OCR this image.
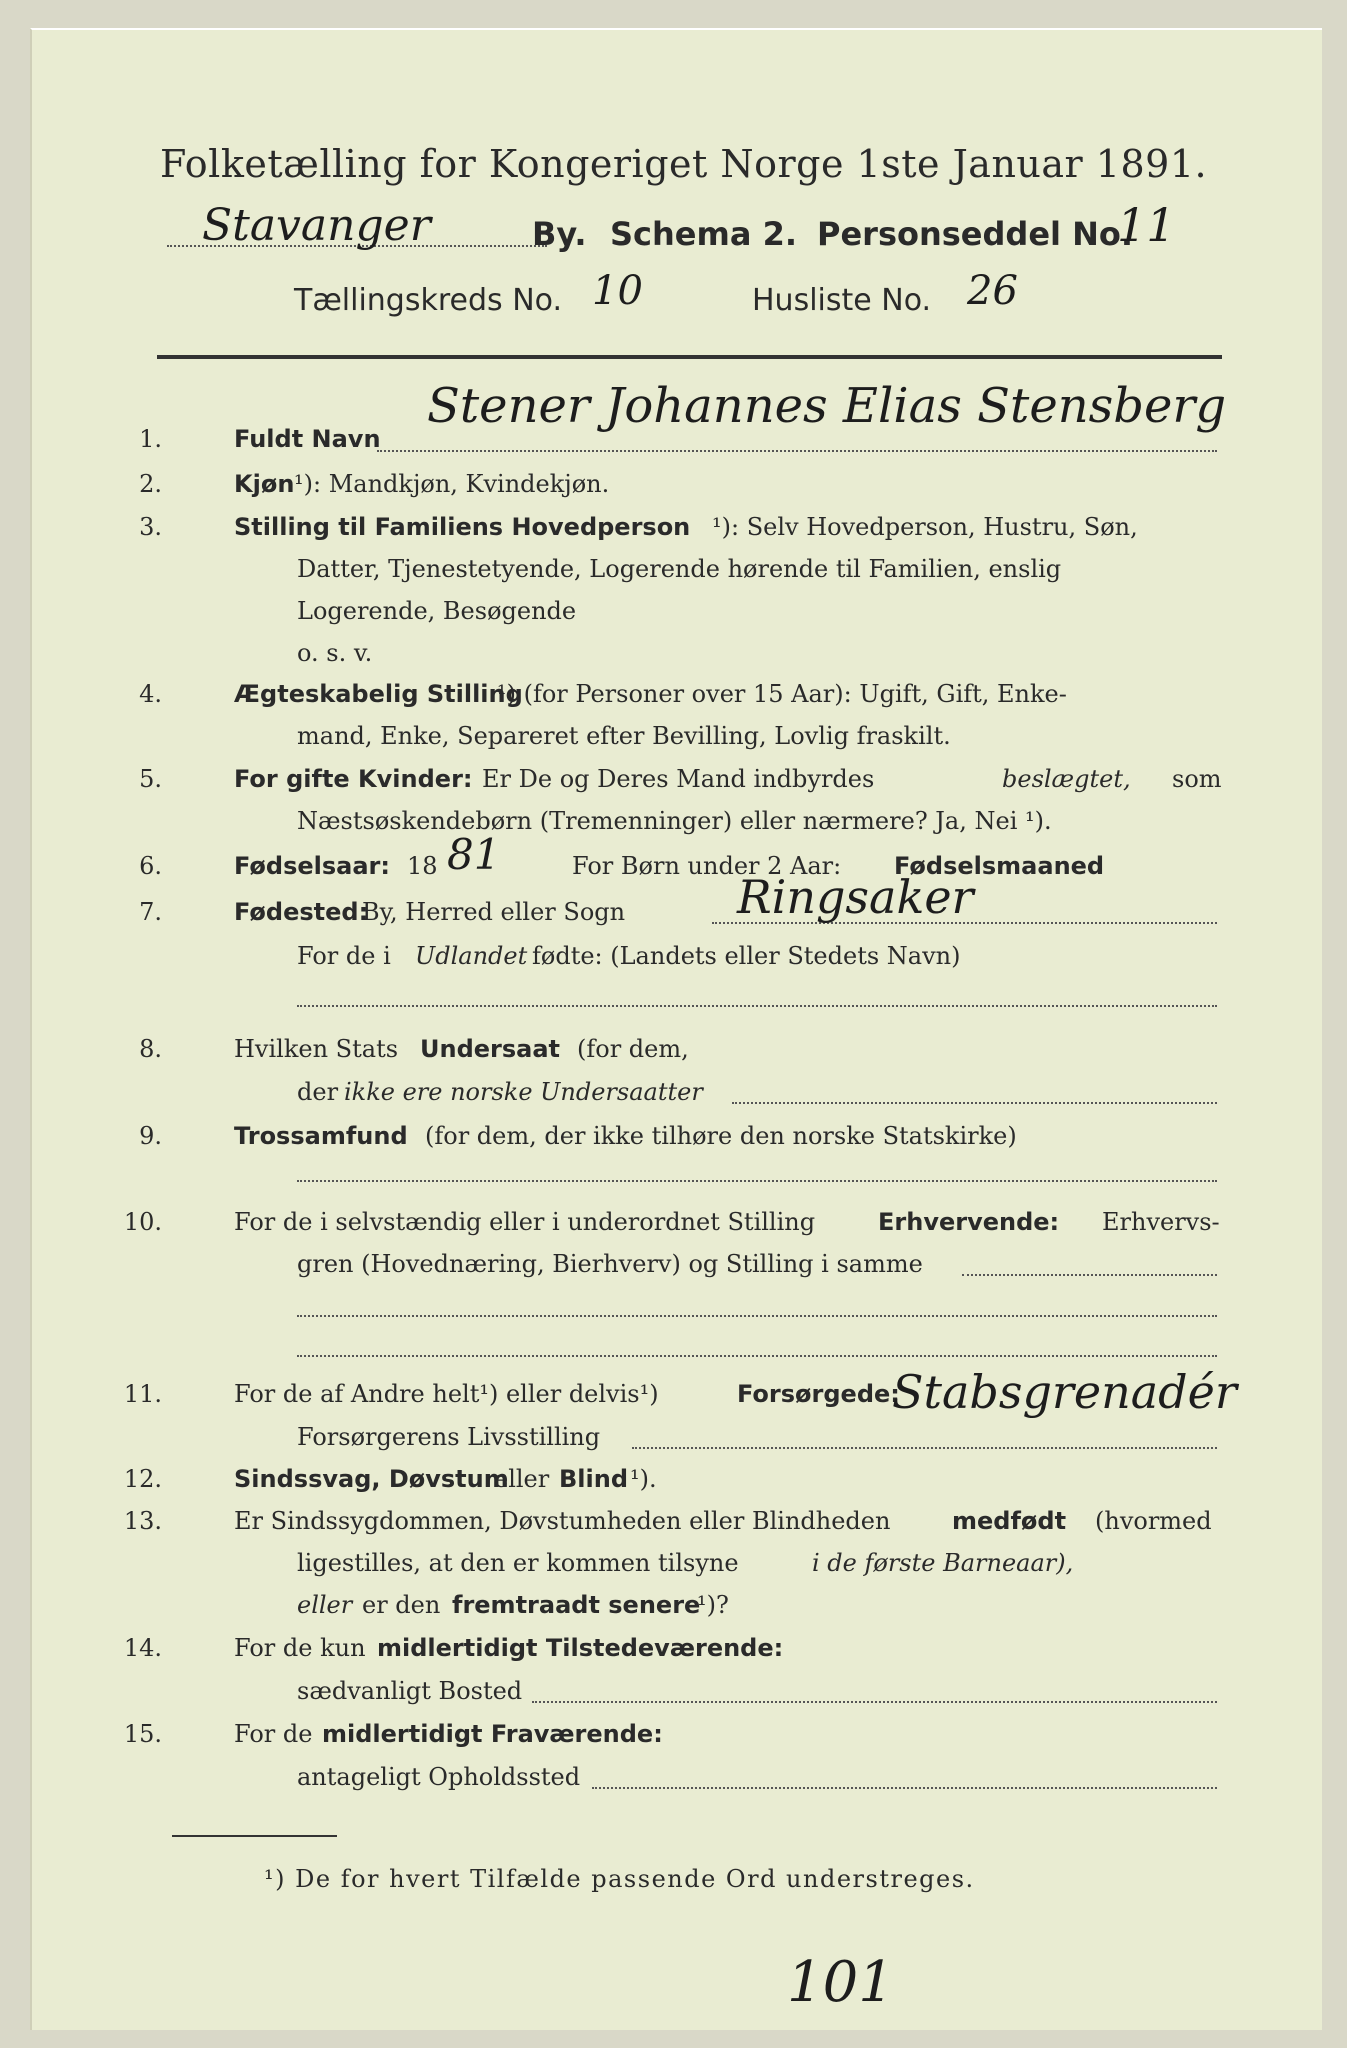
Folketælling for Kongeriget Norge 1ste Januar 1891.
Stavanger	By. Schema 2. Personseddel No.
11
Tællingskreds No. 10	Husliste No. 26
1.	Fuldt Navn
Stener Johannes Elias Stensberg
2.	Kjøn ¹): Mandkjøn, Kvindekjøn.
3.	Stilling til Familiens Hovedperson ¹): Selv Hovedperson, Hustru, Søn,
Datter, Tjenestetyende, Logerende hørende til Familien, enslig
Logerende, Besøgende
o. s. v.
4.	Ægteskabelig Stilling
¹) (for Personer over 15 Aar): Ugift, Gift, Enke-
mand, Enke, Separeret efter Bevilling, Lovlig fraskilt.
5.	For gifte Kvinder: Er De og Deres Mand indbyrdes	beslægtet, som
Næstsøskendebørn (Tremenninger) eller nærmere? Ja, Nei ¹).
6.	Fødselsaar: 18 81	For Børn under 2 Aar: Fødselsmaaned
7.	Fødested:
By, Herred eller Sogn Ringsaker
For de i Udlandet fødte: (Landets eller Stedets Navn)
8.	Hvilken Stats Undersaat (for dem,
der ikke ere norske Undersaatter
9.	Trossamfund (for dem, der ikke tilhøre den norske Statskirke)
10.	For de i selvstændig eller i underordnet Stilling	Erhvervende: Erhvervs-
gren (Hovednæring, Bierhverv) og Stilling i samme
11.	For de af Andre helt¹) eller delvis¹)	Forsørgede:
Forsørgerens Livsstilling
Stabsgrenadér
12.	Sindssvag, Døvstum
eller Blind ¹).
13.	Er Sindssygdommen, Døvstumheden eller Blindheden	medfødt (hvormed
ligestilles, at den er kommen tilsyne	i de første Barneaar),
eller er den fremtraadt senere
¹)?
14.	For de kun midlertidigt Tilstedeværende:
sædvanligt Bosted
15.	For de midlertidigt Fraværende:
antageligt Opholdssted
¹) De for hvert Tilfælde passende Ord understreges.
101
